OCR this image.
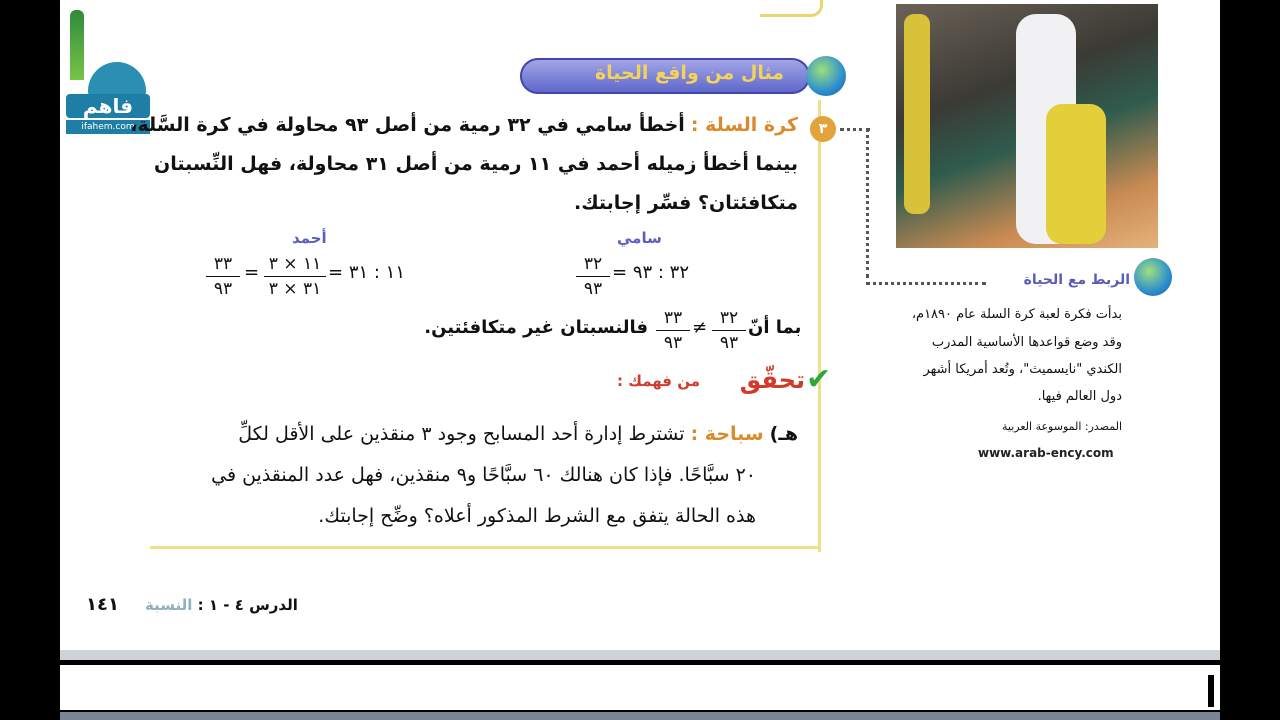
فاهم
ifahem.com
مثال من واقع الحياة
٣
كرة السلة : أخطأ سامي في ٣٢ رمية من أصل ٩٣ محاولة في كرة السَّلة،
بينما أخطأ زميله أحمد في ١١ رمية من أصل ٣١ محاولة، فهل النِّسبتان
متكافئتان؟ فسِّر إجابتك.
سامي
أحمد
٣٢ : ٩٣ =
٣٢
٩٣
١١ : ٣١ =
١١ × ٣
٣١ × ٣
=
٣٣
٩٣
بما أنّ
٣٢
٩٣
≠
٣٣
٩٣
فالنسبتان غير متكافئتين.
✔
تحقّق
من فهمك :
هـ) سباحة : تشترط إدارة أحد المسابح وجود ٣ منقذين على الأقل لكلِّ
٢٠ سبَّاحًا. فإذا كان هنالك ٦٠ سبَّاحًا و٩ منقذين، فهل عدد المنقذين في
هذه الحالة يتفق مع الشرط المذكور أعلاه؟ وضِّح إجابتك.
الربط مع الحياة
بدأت فكرة لعبة كرة السلة عام ١٨٩٠م،
وقد وضع قواعدها الأساسية المدرب
الكندي "نايسميث"، وتُعد أمريكا أشهر
دول العالم فيها.
المصدر: الموسوعة العربية
www.arab-ency.com
الدرس ٤ - ١ : النسبة
١٤١
